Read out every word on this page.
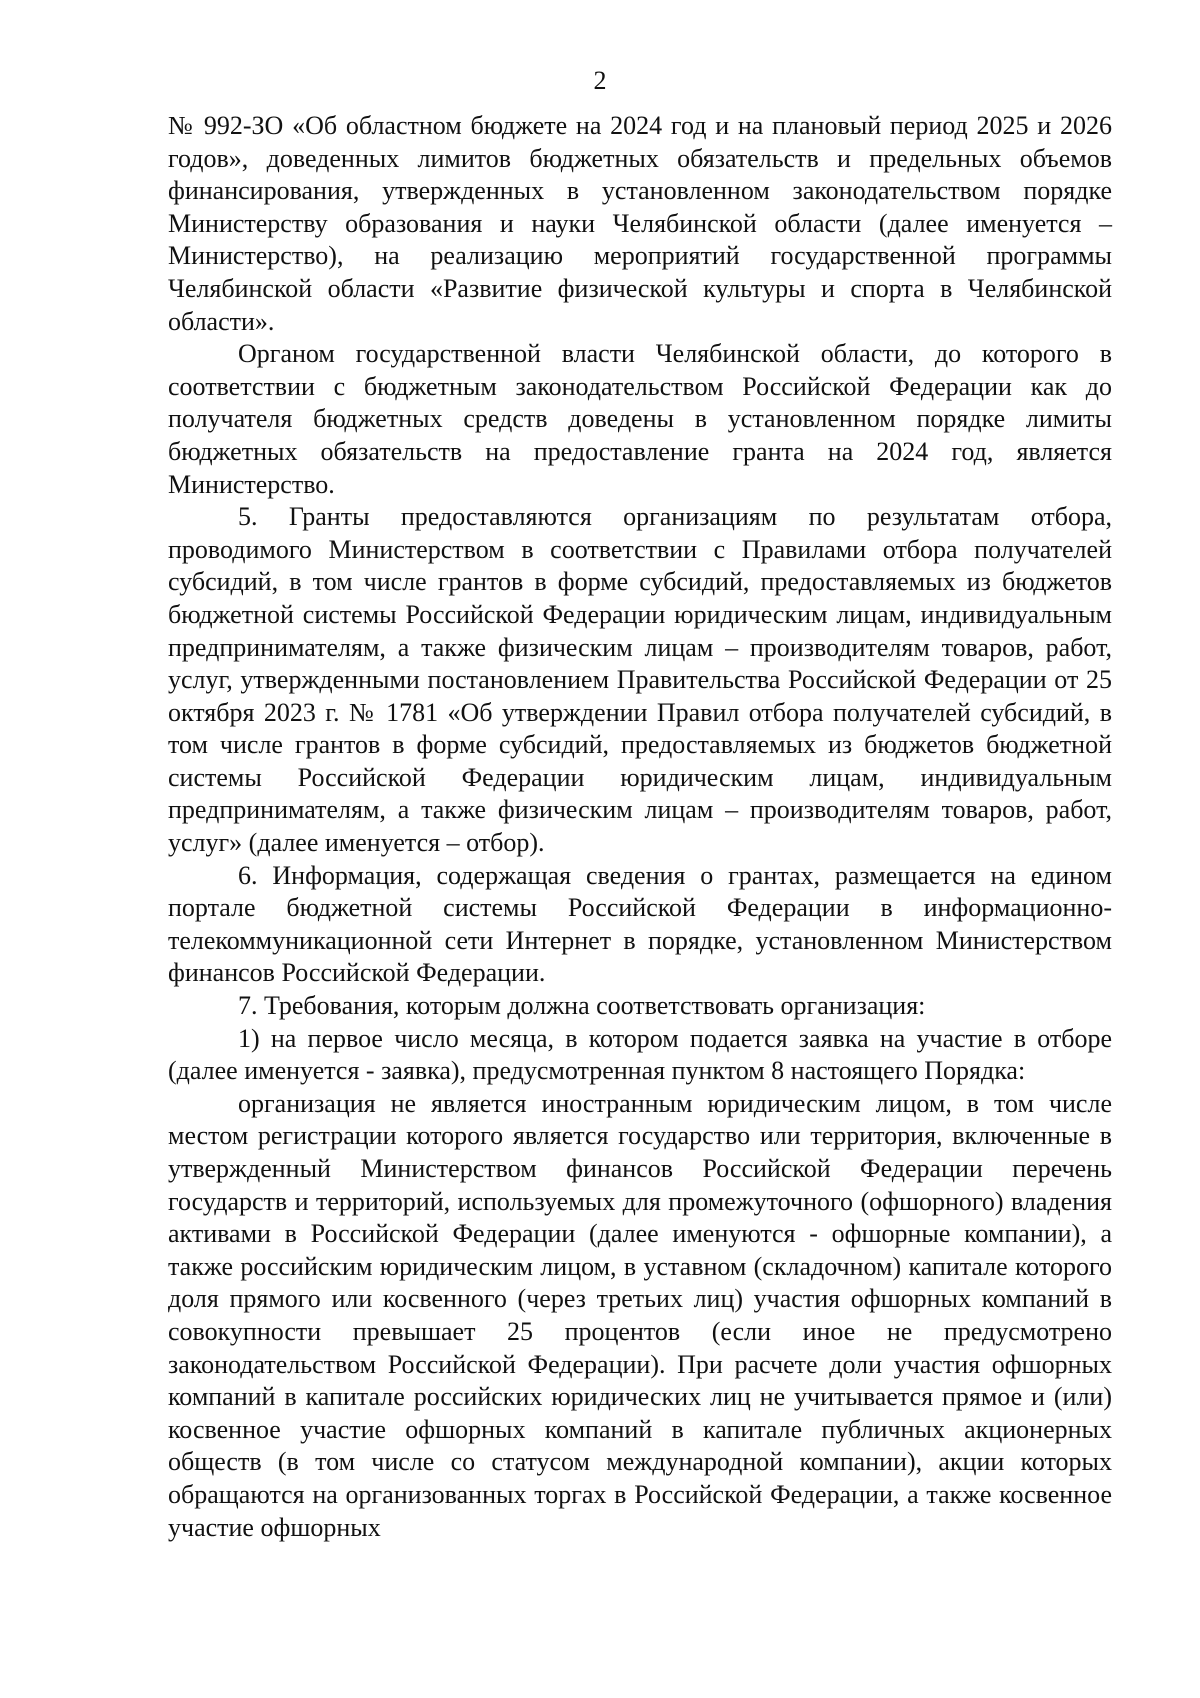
2

№ 992-ЗО «Об областном бюджете на 2024 год и на плановый период 2025 и 2026 годов», доведенных лимитов бюджетных обязательств и предельных объемов финансирования, утвержденных в установленном законодательством порядке Министерству образования и науки Челябинской области (далее именуется – Министерство), на реализацию мероприятий государственной программы Челябинской области «Развитие физической культуры и спорта в Челябинской области».

Органом государственной власти Челябинской области, до которого в соответствии с бюджетным законодательством Российской Федерации как до получателя бюджетных средств доведены в установленном порядке лимиты бюджетных обязательств на предоставление гранта на 2024 год, является Министерство.

5. Гранты предоставляются организациям по результатам отбора, проводимого Министерством в соответствии с Правилами отбора получателей субсидий, в том числе грантов в форме субсидий, предоставляемых из бюджетов бюджетной системы Российской Федерации юридическим лицам, индивидуальным предпринимателям, а также физическим лицам – производителям товаров, работ, услуг, утвержденными постановлением Правительства Российской Федерации от 25 октября 2023 г. № 1781 «Об утверждении Правил отбора получателей субсидий, в том числе грантов в форме субсидий, предоставляемых из бюджетов бюджетной системы Российской Федерации юридическим лицам, индивидуальным предпринимателям, а также физическим лицам – производителям товаров, работ, услуг» (далее именуется – отбор).

6. Информация, содержащая сведения о грантах, размещается на едином портале бюджетной системы Российской Федерации в информационно-телекоммуникационной сети Интернет в порядке, установленном Министерством финансов Российской Федерации.

7. Требования, которым должна соответствовать организация:

1) на первое число месяца, в котором подается заявка на участие в отборе (далее именуется - заявка), предусмотренная пунктом 8 настоящего Порядка:

организация не является иностранным юридическим лицом, в том числе местом регистрации которого является государство или территория, включенные в утвержденный Министерством финансов Российской Федерации перечень государств и территорий, используемых для промежуточного (офшорного) владения активами в Российской Федерации (далее именуются - офшорные компании), а также российским юридическим лицом, в уставном (складочном) капитале которого доля прямого или косвенного (через третьих лиц) участия офшорных компаний в совокупности превышает 25 процентов (если иное не предусмотрено законодательством Российской Федерации). При расчете доли участия офшорных компаний в капитале российских юридических лиц не учитывается прямое и (или) косвенное участие офшорных компаний в капитале публичных акционерных обществ (в том числе со статусом международной компании), акции которых обращаются на организованных торгах в Российской Федерации, а также косвенное участие офшорных
